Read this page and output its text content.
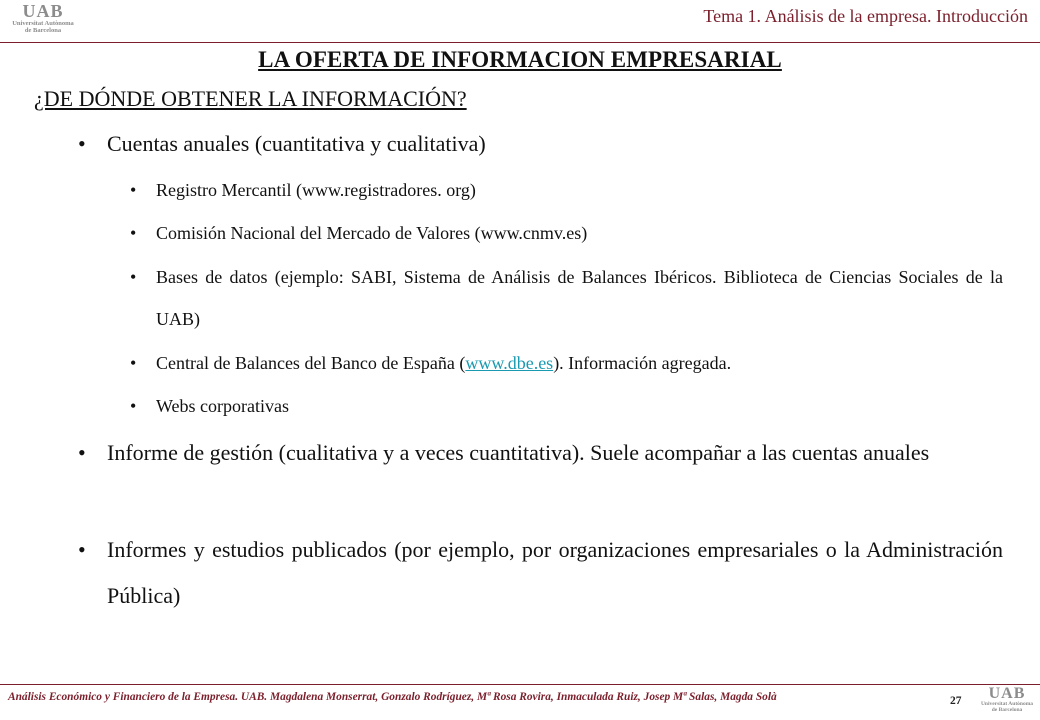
UAB
Universitat Autònoma
de Barcelona
Tema 1. Análisis de la empresa. Introducción
LA OFERTA DE INFORMACION EMPRESARIAL
¿DE DÓNDE OBTENER LA INFORMACIÓN?
• Cuentas anuales (cuantitativa y cualitativa)
• Registro Mercantil (www.registradores. org)
• Comisión Nacional del Mercado de Valores (www.cnmv.es)
• Bases de datos (ejemplo: SABI, Sistema de Análisis de Balances Ibéricos. Biblioteca de Ciencias Sociales de la UAB)
• Central de Balances del Banco de España (www.dbe.es). Información agregada.
• Webs corporativas
• Informe de gestión (cualitativa y a veces cuantitativa). Suele acompañar a las cuentas anuales
• Informes y estudios publicados (por ejemplo, por organizaciones empresariales o la Administración Pública)
Análisis Económico y Financiero de la Empresa. UAB. Magdalena Monserrat, Gonzalo Rodríguez, Mª Rosa Rovira, Inmaculada Ruiz, Josep Mª Salas, Magda Solà	27	UAB
Universitat Autònoma
de Barcelona
